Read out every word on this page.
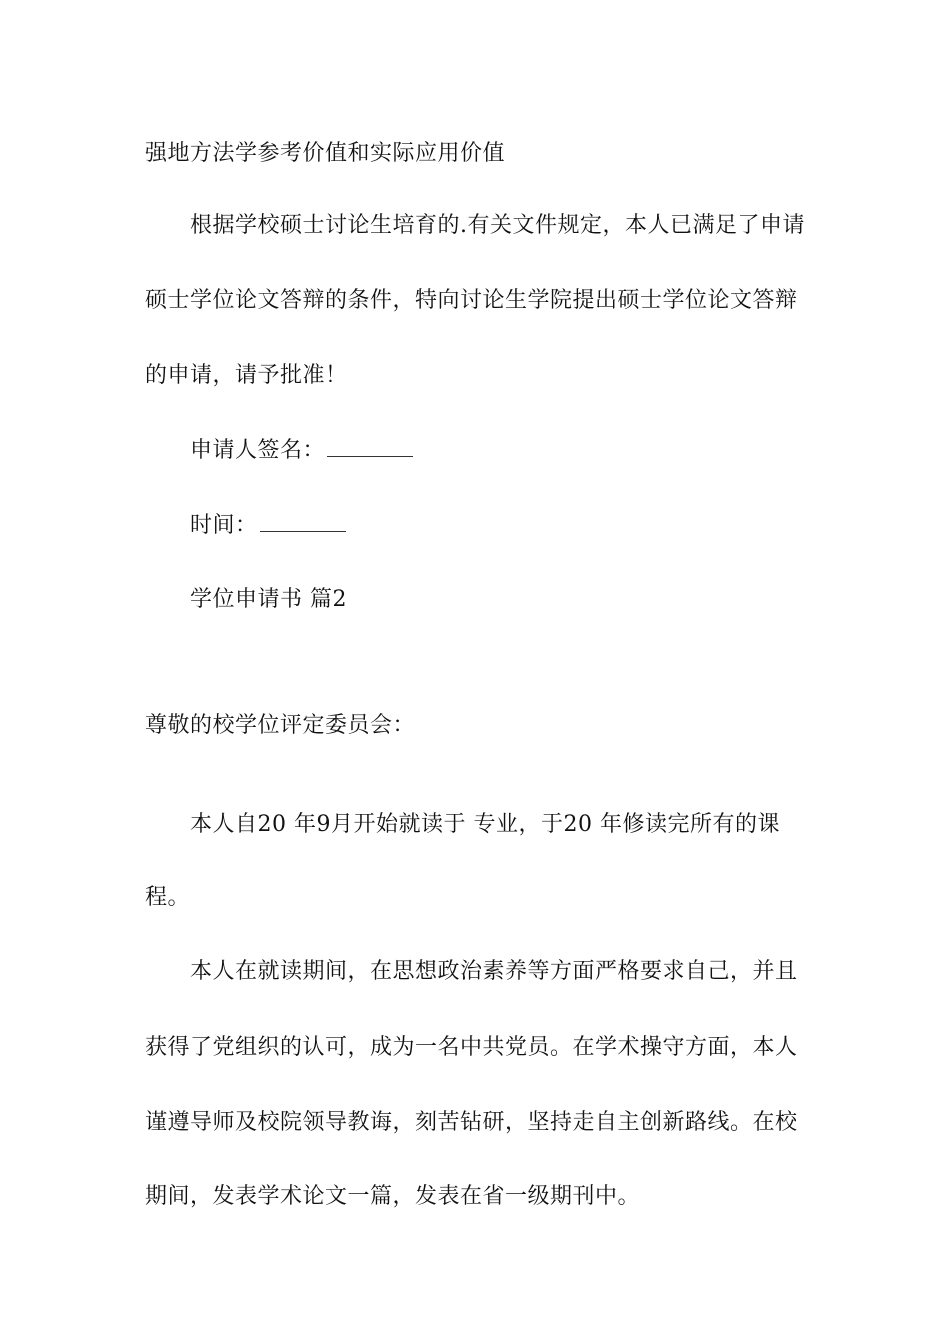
强地方法学参考价值和实际应用价值
根据学校硕士讨论生培育的.有关文件规定，本人已满足了申请
硕士学位论文答辩的条件，特向讨论生学院提出硕士学位论文答辩
的申请，请予批准！
申请人签名：
时间：
学位申请书 篇2
尊敬的校学位评定委员会：
本人自20 年9月开始就读于 专业，于20 年修读完所有的课
程。
本人在就读期间，在思想政治素养等方面严格要求自己，并且
获得了党组织的认可，成为一名中共党员。在学术操守方面，本人
谨遵导师及校院领导教诲，刻苦钻研，坚持走自主创新路线。在校
期间，发表学术论文一篇，发表在省一级期刊中。
